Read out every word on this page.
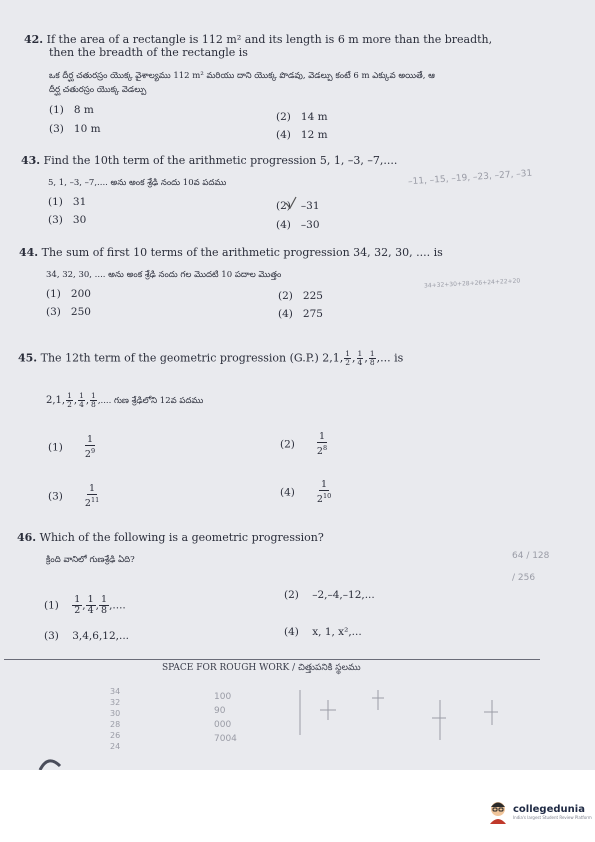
42. If the area of a rectangle is 112 m² and its length is 6 m more than the breadth,
then the breadth of the rectangle is
ఒక దీర్ఘ చతురస్రం యొక్క వైశాల్యము 112 m² మరియు దాని యొక్క పొడవు, వెడల్పు కంటే 6 m ఎక్కువ అయితే, ఆ
దీర్ఘ చతురస్రం యొక్క వెడల్పు
(1) 8 m
(2) 14 m
(3) 10 m	(4) 12 m
43. Find the 10th term of the arithmetic progression 5, 1, –3, –7,....
5, 1, –3, –7,.... అను అంక శ్రేఢి నందు 10వ పదము
(1) 31	(2) –31
(3) 30	(4) –30
–11, –15, –19, –23, –27, –31
44. The sum of first 10 terms of the arithmetic progression 34, 32, 30, .... is
34, 32, 30, .... అను అంక శ్రేఢి నందు గల మొదటి 10 పదాల మొత్తం
(1) 200	(2) 225
(3) 250	(4) 275
34+32+30+28+26+24+22+20
45. The 12th term of the geometric progression (G.P.) 2,1, $\frac{1}{2}$ , $\frac{1}{4}$ , $\frac{1}{8}$ ,... is
2,1, $\frac{1}{2}$ , $\frac{1}{4}$ , $\frac{1}{8}$ ,.... గుణ శ్రేఢిలోని 12వ పదము
$(1) \frac{1}{2^9}$	$(2) \frac{1}{2^8}$
$(3) \frac{1}{2^{11}}$	$(4) \frac{1}{2^{10}}$
46. Which of the following is a geometric progression?
క్రింది వానిలో గుణశ్రేఢి ఏది?
$(1) \frac{1}{2}$ , $\frac{1}{4}$ , $\frac{1}{8}$ ,....
(2) –2,–4,–12,...
(3) 3,4,6,12,...	(4) x, 1, x²,...
64 / 128 / 256
SPACE FOR ROUGH WORK / చిత్తుపనికి స్థలము
34
32
30
28
26
24
100
90
000
7004
collegedunia
India's largest Student Review Platform
